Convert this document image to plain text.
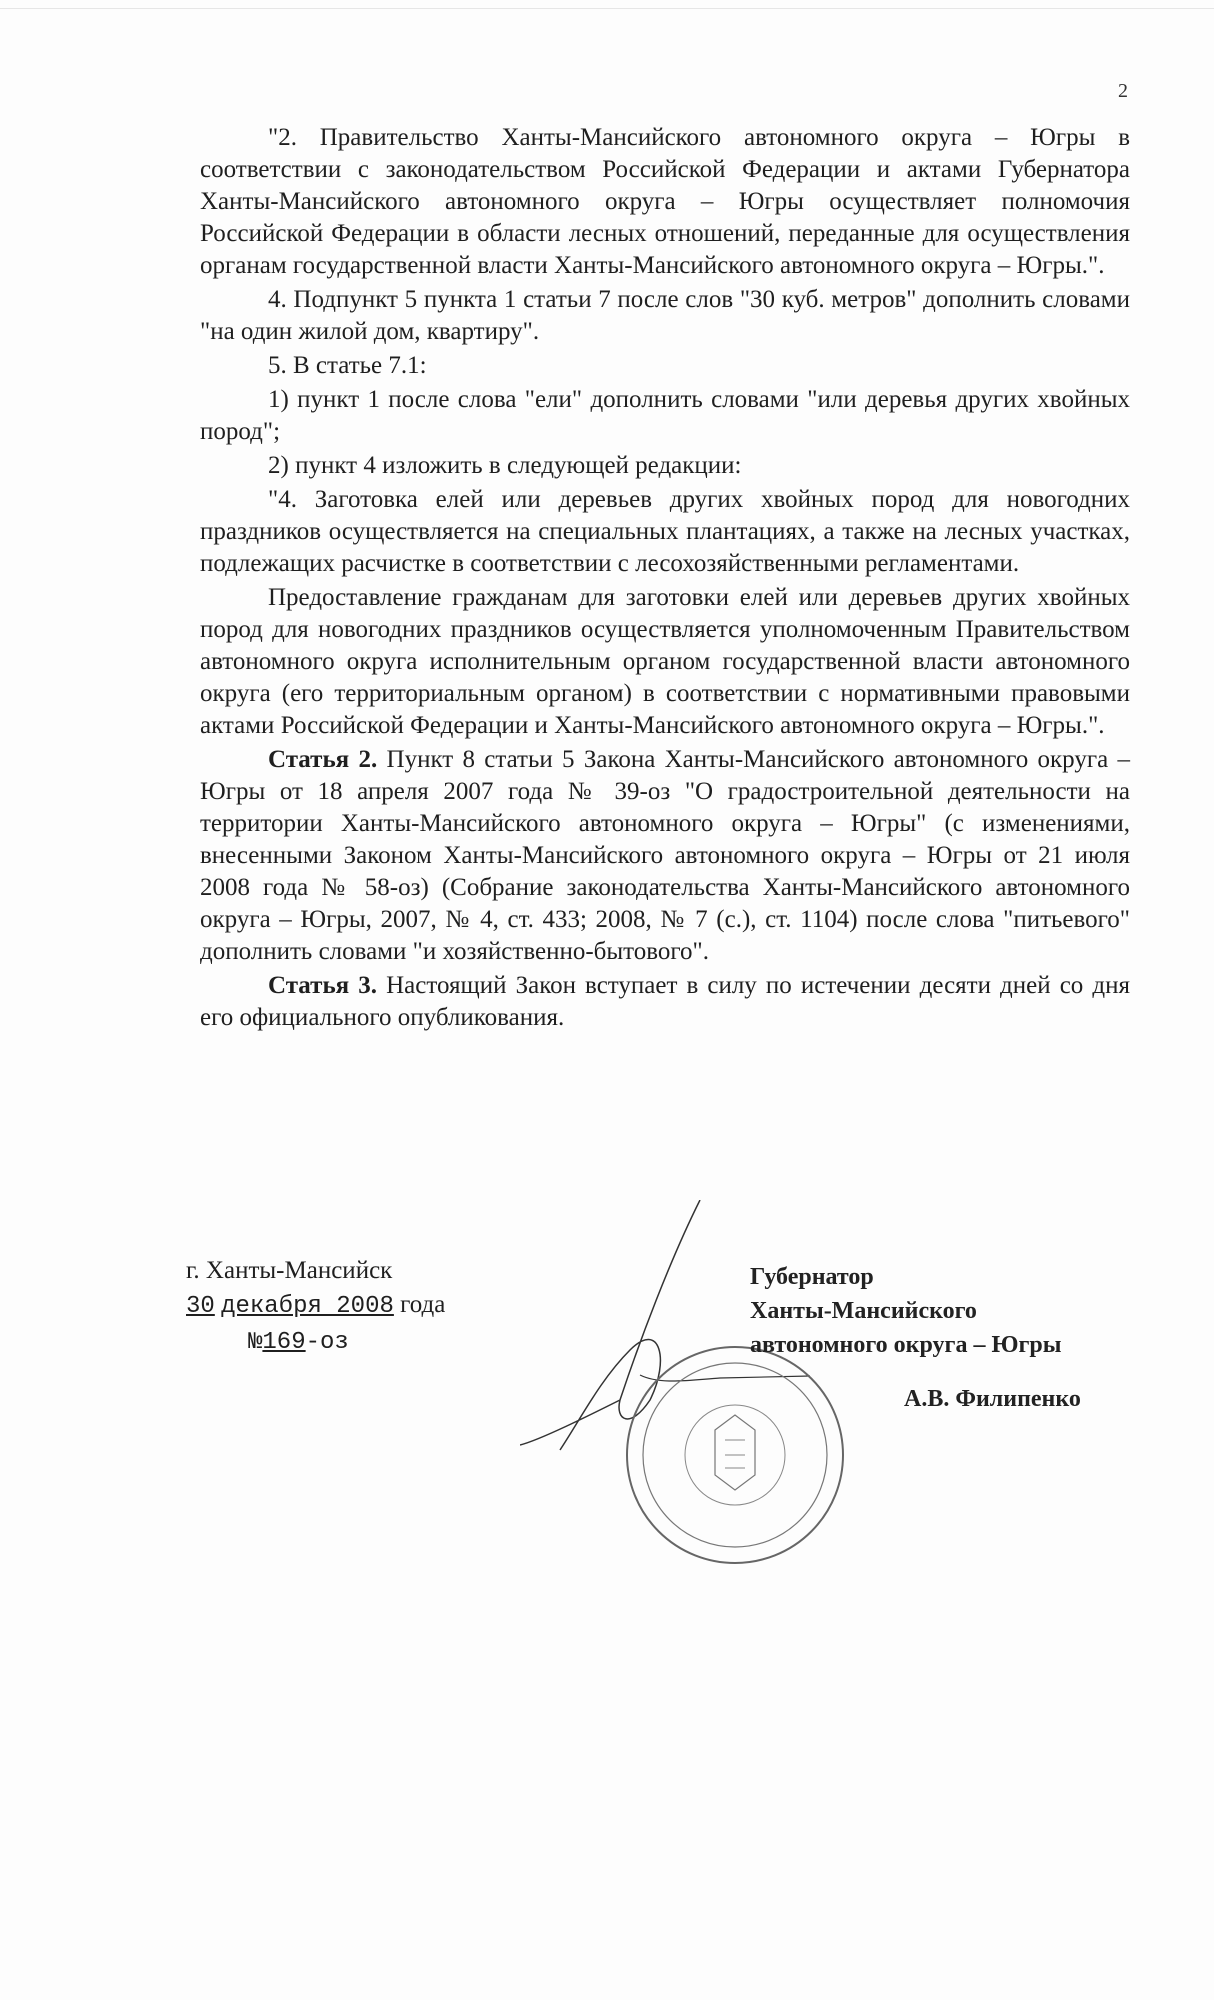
2

"2. Правительство Ханты-Мансийского автономного округа – Югры в соответствии с законодательством Российской Федерации и актами Губернатора Ханты-Мансийского автономного округа – Югры осуществляет полномочия Российской Федерации в области лесных отношений, переданные для осуществления органам государственной власти Ханты-Мансийского автономного округа – Югры.".

4. Подпункт 5 пункта 1 статьи 7 после слов "30 куб. метров" дополнить словами "на один жилой дом, квартиру".

5. В статье 7.1:

1) пункт 1 после слова "ели" дополнить словами "или деревья других хвойных пород";

2) пункт 4 изложить в следующей редакции:

"4. Заготовка елей или деревьев других хвойных пород для новогодних праздников осуществляется на специальных плантациях, а также на лесных участках, подлежащих расчистке в соответствии с лесохозяйственными регламентами.

Предоставление гражданам для заготовки елей или деревьев других хвойных пород для новогодних праздников осуществляется уполномоченным Правительством автономного округа исполнительным органом государственной власти автономного округа (его территориальным органом) в соответствии с нормативными правовыми актами Российской Федерации и Ханты-Мансийского автономного округа – Югры.".

Статья 2. Пункт 8 статьи 5 Закона Ханты-Мансийского автономного округа – Югры от 18 апреля 2007 года № 39-оз "О градостроительной деятельности на территории Ханты-Мансийского автономного округа – Югры" (с изменениями, внесенными Законом Ханты-Мансийского автономного округа – Югры от 21 июля 2008 года № 58-оз) (Собрание законодательства Ханты-Мансийского автономного округа – Югры, 2007, № 4, ст. 433; 2008, № 7 (с.), ст. 1104) после слова "питьевого" дополнить словами "и хозяйственно-бытового".

Статья 3. Настоящий Закон вступает в силу по истечении десяти дней со дня его официального опубликования.

г. Ханты-Мансийск
30 декабря 2008 года
№169-оз
Губернатор
Ханты-Мансийского
автономного округа – Югры
А.В. Филипенко
